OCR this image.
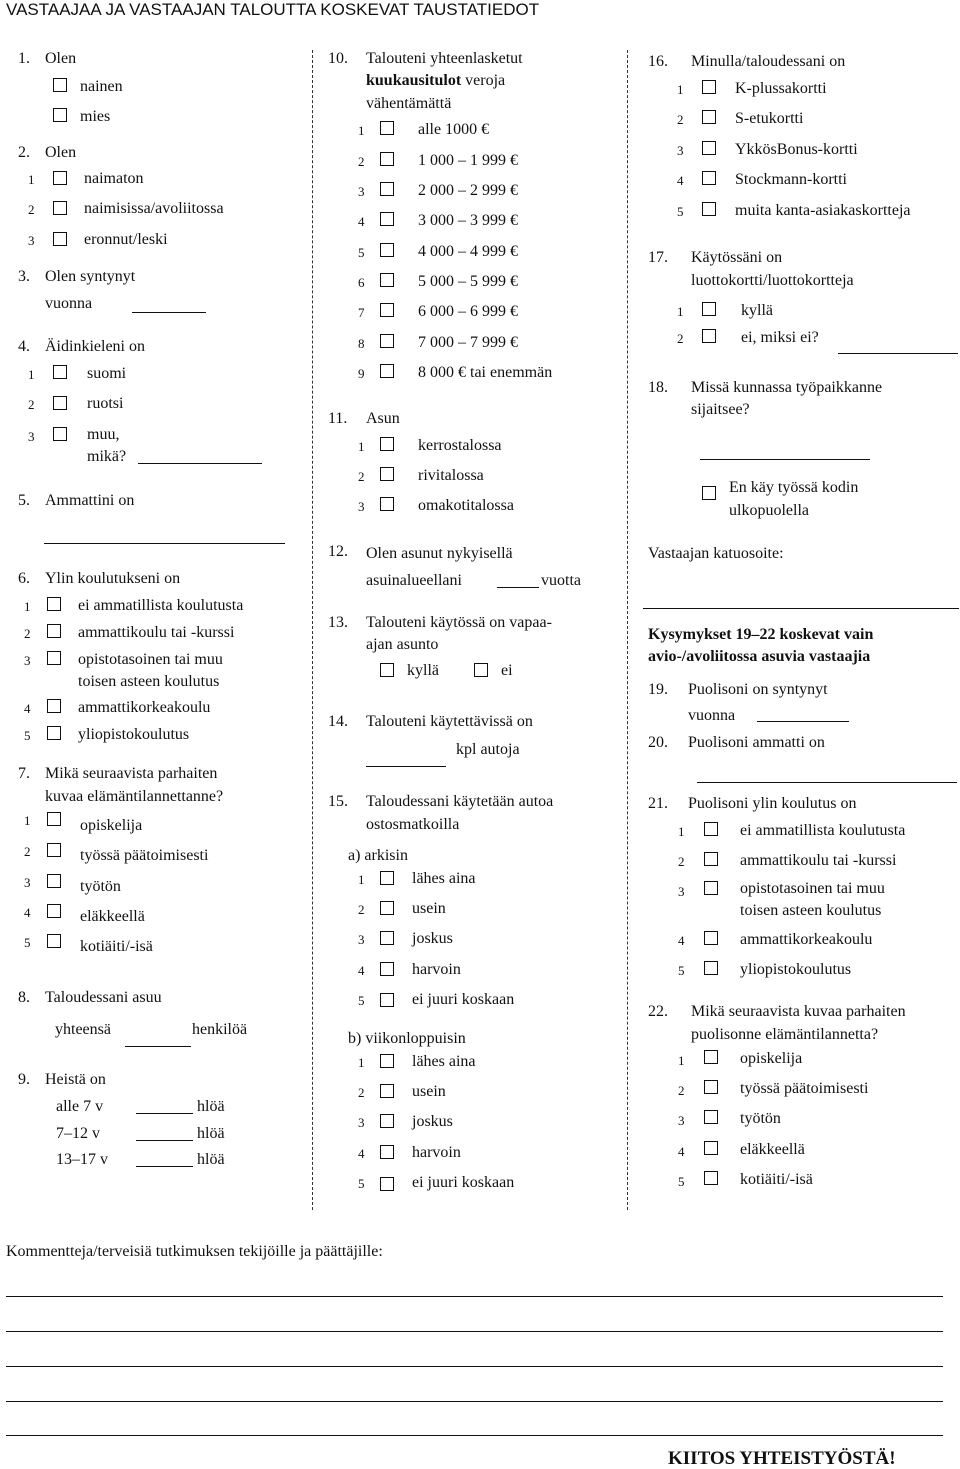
VASTAAJAA JA VASTAAJAN TALOUTTA KOSKEVAT TAUSTATIEDOT
1. Olen
nainen
mies
2. Olen
1	naimaton
2	naimisissa/avoliitossa
3	eronnut/leski
3. Olen syntynyt
vuonna
4. Äidinkieleni on
1	suomi
2	ruotsi
3	muu,
mikä?
5. Ammattini on
6. Ylin koulutukseni on
1	ei ammatillista koulutusta
2	ammattikoulu tai -kurssi
3	opistotasoinen tai muu
toisen asteen koulutus
4	ammattikorkeakoulu
5	yliopistokoulutus
7. Mikä seuraavista parhaiten
kuvaa elämäntilannettanne?
1	opiskelija
2	työssä päätoimisesti
3	työtön
4	eläkkeellä
5	kotiäiti/-isä
8. Taloudessani asuu
yhteensä	henkilöä
9. Heistä on
alle 7 v	hlöä
7–12 v	hlöä
13–17 v	hlöä
10. Talouteni yhteenlasketut
kuukausitulot veroja
vähentämättä
1	alle 1000 €
2	1 000 – 1 999 €
3	2 000 – 2 999 €
4	3 000 – 3 999 €
5	4 000 – 4 999 €
6	5 000 – 5 999 €
7	6 000 – 6 999 €
8	7 000 – 7 999 €
9	8 000 € tai enemmän
11. Asun
1	kerrostalossa
2	rivitalossa
3	omakotitalossa
12. Olen asunut nykyisellä
asuinalueellani	vuotta
13. Talouteni käytössä on vapaa-
ajan asunto
kyllä	ei
14. Talouteni käytettävissä on
kpl autoja
15. Taloudessani käytetään autoa
ostosmatkoilla
a) arkisin
1	lähes aina
2	usein
3	joskus
4	harvoin
5	ei juuri koskaan
b) viikonloppuisin
1	lähes aina
2	usein
3	joskus
4	harvoin
5	ei juuri koskaan
16. Minulla/taloudessani on
1	K-plussakortti
2	S-etukortti
3	YkkösBonus-kortti
4	Stockmann-kortti
5	muita kanta-asiakaskortteja
17. Käytössäni on
luottokortti/luottokortteja
1	kyllä
2	ei, miksi ei?
18. Missä kunnassa työpaikkanne
sijaitsee?
En käy työssä kodin
ulkopuolella
Vastaajan katuosoite:
Kysymykset 19–22 koskevat vain
avio-/avoliitossa asuvia vastaajia
19. Puolisoni on syntynyt
vuonna
20. Puolisoni ammatti on
21. Puolisoni ylin koulutus on
1	ei ammatillista koulutusta
2	ammattikoulu tai -kurssi
3	opistotasoinen tai muu
toisen asteen koulutus
4	ammattikorkeakoulu
5	yliopistokoulutus
22. Mikä seuraavista kuvaa parhaiten
puolisonne elämäntilannetta?
1	opiskelija
2	työssä päätoimisesti
3	työtön
4	eläkkeellä
5	kotiäiti/-isä
Kommentteja/terveisiä tutkimuksen tekijöille ja päättäjille:
KIITOS YHTEISTYÖSTÄ!
